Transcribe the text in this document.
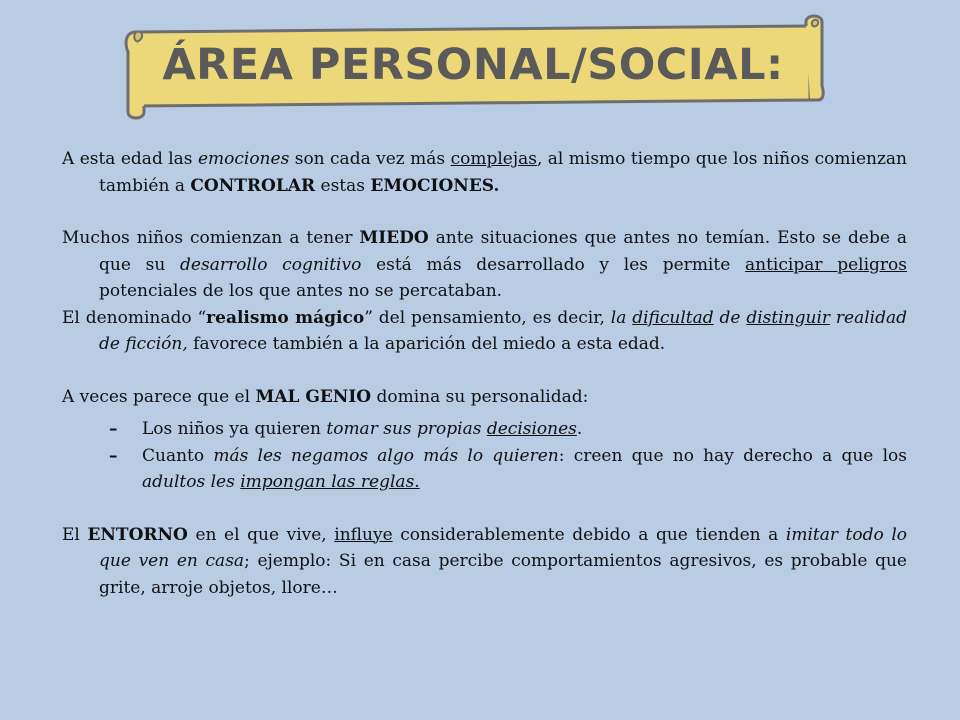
ÁREA PERSONAL/SOCIAL:

A esta edad las emociones son cada vez más complejas, al mismo tiempo que los niños comienzan también a CONTROLAR estas EMOCIONES.

Muchos niños comienzan a tener MIEDO ante situaciones que antes no temían. Esto se debe a que su desarrollo cognitivo está más desarrollado y les permite anticipar peligros potenciales de los que antes no se percataban.

El denominado “realismo mágico” del pensamiento, es decir, la dificultad de distinguir realidad de ficción, favorece también a la aparición del miedo a esta edad.

A veces parece que el MAL GENIO domina su personalidad:

– Los niños ya quieren tomar sus propias decisiones.
– Cuanto más les negamos algo más lo quieren: creen que no hay derecho a que los adultos les impongan las reglas.

El ENTORNO en el que vive, influye considerablemente debido a que tienden a imitar todo lo que ven en casa; ejemplo: Si en casa percibe comportamientos agresivos, es probable que grite, arroje objetos, llore…
